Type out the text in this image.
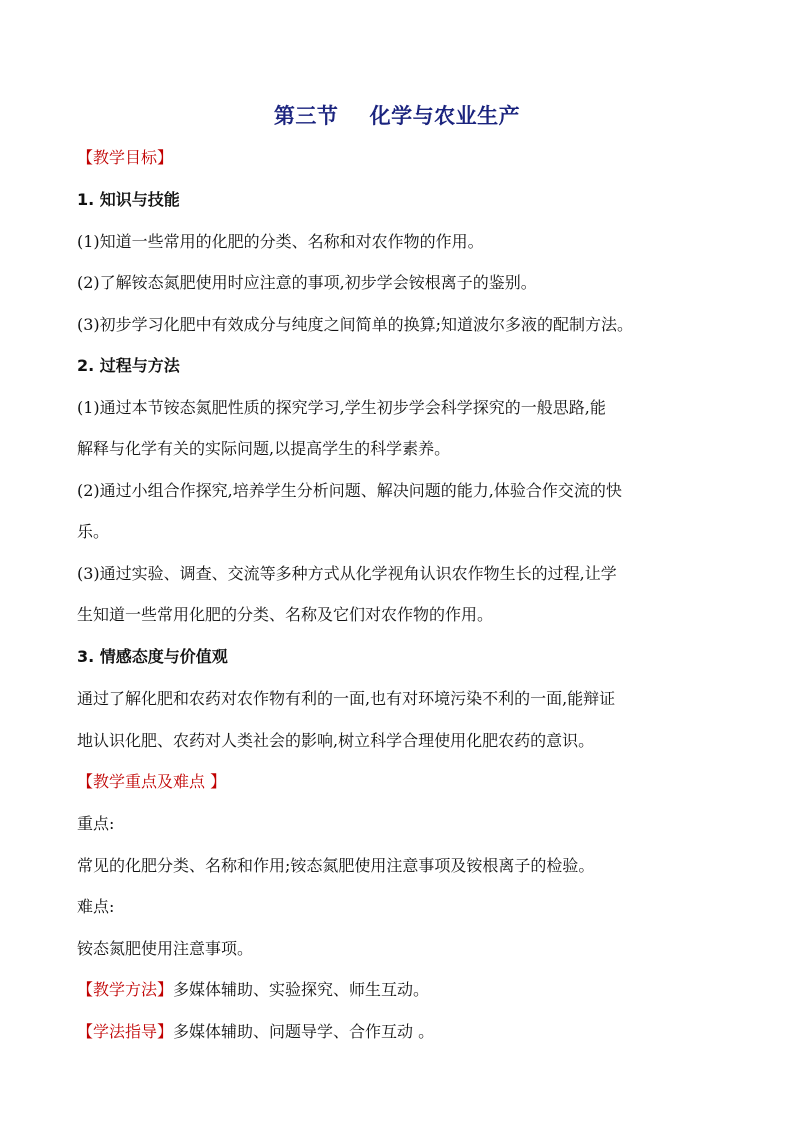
第三节    化学与农业生产
【教学目标】
1. 知识与技能
(1)知道一些常用的化肥的分类、名称和对农作物的作用。
(2)了解铵态氮肥使用时应注意的事项,初步学会铵根离子的鉴别。
(3)初步学习化肥中有效成分与纯度之间简单的换算;知道波尔多液的配制方法。
2. 过程与方法
(1)通过本节铵态氮肥性质的探究学习,学生初步学会科学探究的一般思路,能
解释与化学有关的实际问题,以提高学生的科学素养。
(2)通过小组合作探究,培养学生分析问题、解决问题的能力,体验合作交流的快
乐。
(3)通过实验、调查、交流等多种方式从化学视角认识农作物生长的过程,让学
生知道一些常用化肥的分类、名称及它们对农作物的作用。
3. 情感态度与价值观
通过了解化肥和农药对农作物有利的一面,也有对环境污染不利的一面,能辩证
地认识化肥、农药对人类社会的影响,树立科学合理使用化肥农药的意识。
【教学重点及难点 】
重点:
常见的化肥分类、名称和作用;铵态氮肥使用注意事项及铵根离子的检验。
难点:
铵态氮肥使用注意事项。
【教学方法】多媒体辅助、实验探究、师生互动。
【学法指导】多媒体辅助、问题导学、合作互动 。
